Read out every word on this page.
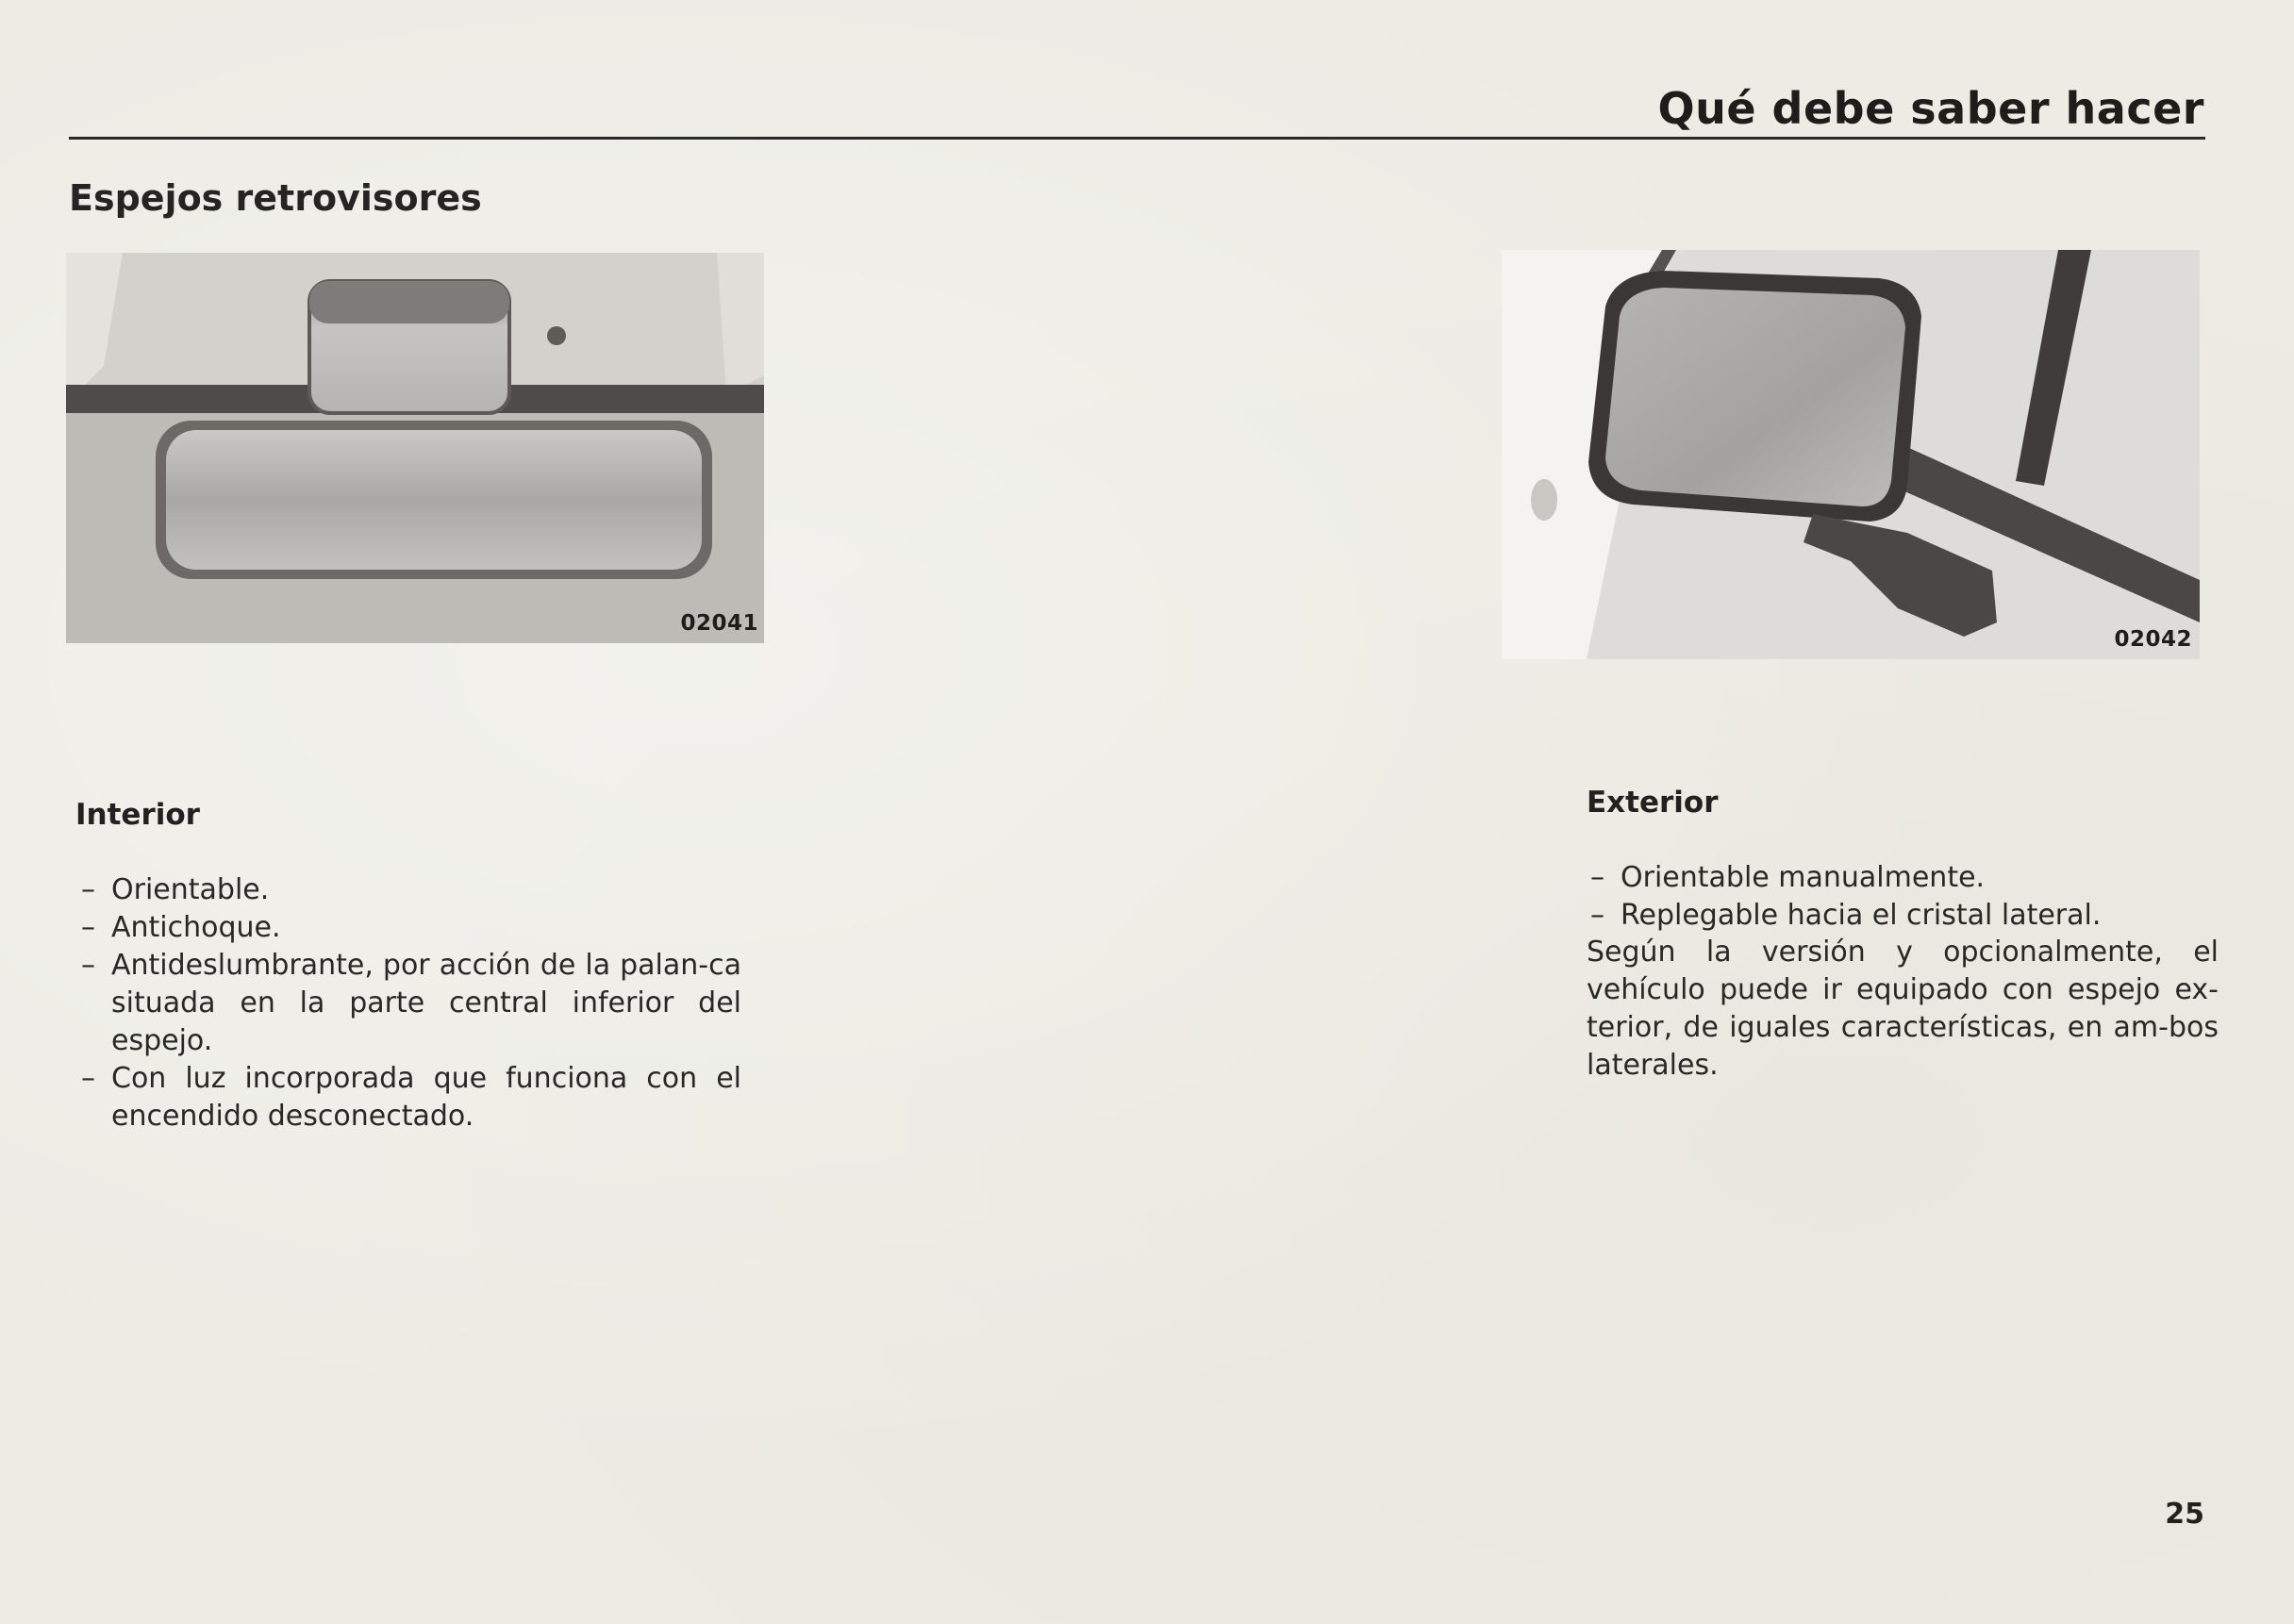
Qué debe saber hacer
Espejos retrovisores
02041
02042
Interior
– Orientable.
– Antichoque.
– Antideslumbrante, por acción de la palan-ca situada en la parte central inferior del espejo.
– Con luz incorporada que funciona con el encendido desconectado.
Exterior
– Orientable manualmente.
– Replegable hacia el cristal lateral.

Según la versión y opcionalmente, el vehículo puede ir equipado con espejo ex-terior, de iguales características, en am-bos laterales.

25
